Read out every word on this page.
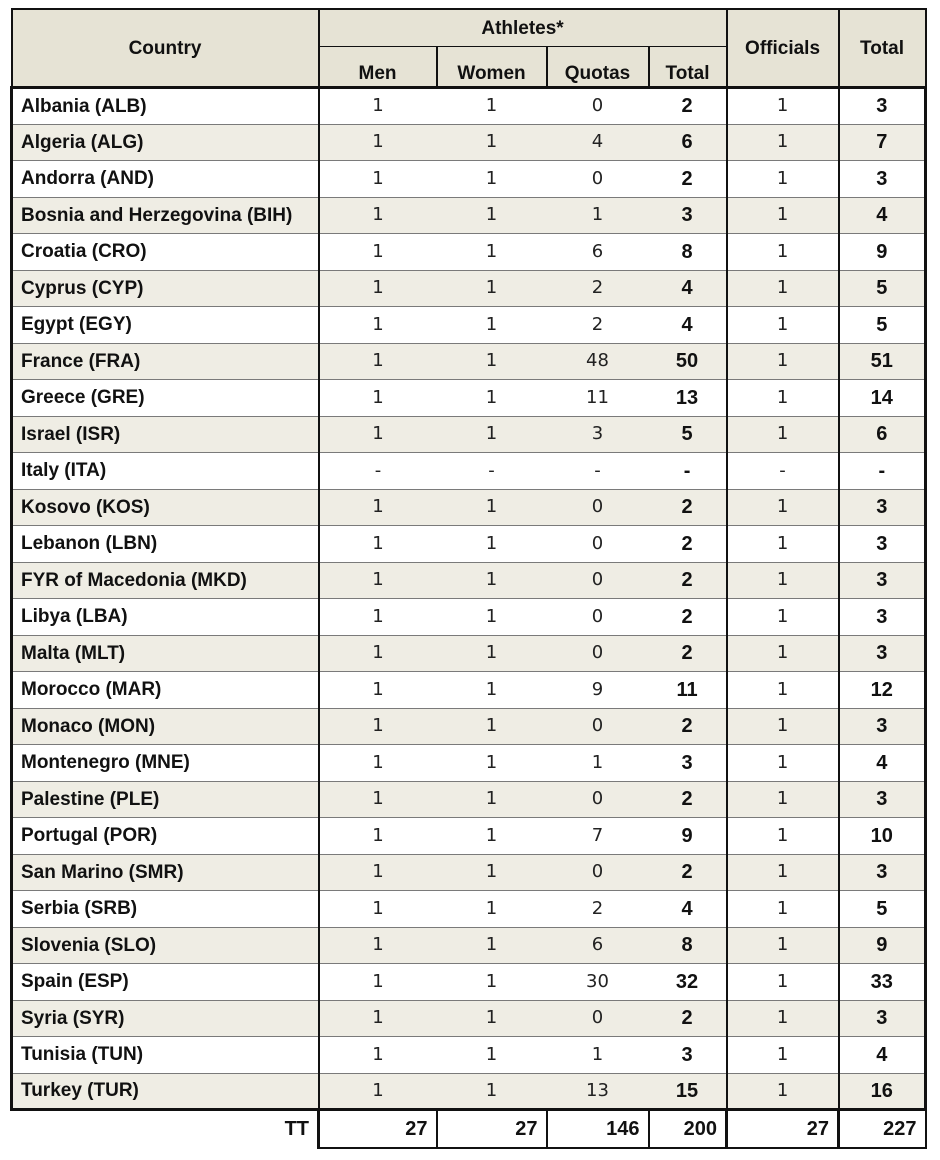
Country	Athletes*				Officials	Total
	Men	Women	Quotas	Total		
Albania (ALB)	1	1	0	2	1	3
Algeria (ALG)	1	1	4	6	1	7
Andorra (AND)	1	1	0	2	1	3
Bosnia and Herzegovina (BIH)	1	1	1	3	1	4
Croatia (CRO)	1	1	6	8	1	9
Cyprus (CYP)	1	1	2	4	1	5
Egypt (EGY)	1	1	2	4	1	5
France (FRA)	1	1	48	50	1	51
Greece (GRE)	1	1	11	13	1	14
Israel (ISR)	1	1	3	5	1	6
Italy (ITA)	-	-	-	-	-	-
Kosovo (KOS)	1	1	0	2	1	3
Lebanon (LBN)	1	1	0	2	1	3
FYR of Macedonia (MKD)	1	1	0	2	1	3
Libya (LBA)	1	1	0	2	1	3
Malta (MLT)	1	1	0	2	1	3
Morocco (MAR)	1	1	9	11	1	12
Monaco (MON)	1	1	0	2	1	3
Montenegro (MNE)	1	1	1	3	1	4
Palestine (PLE)	1	1	0	2	1	3
Portugal (POR)	1	1	7	9	1	10
San Marino (SMR)	1	1	0	2	1	3
Serbia (SRB)	1	1	2	4	1	5
Slovenia (SLO)	1	1	6	8	1	9
Spain (ESP)	1	1	30	32	1	33
Syria (SYR)	1	1	0	2	1	3
Tunisia (TUN)	1	1	1	3	1	4
Turkey (TUR)	1	1	13	15	1	16
TT	27	27	146	200	27	227
